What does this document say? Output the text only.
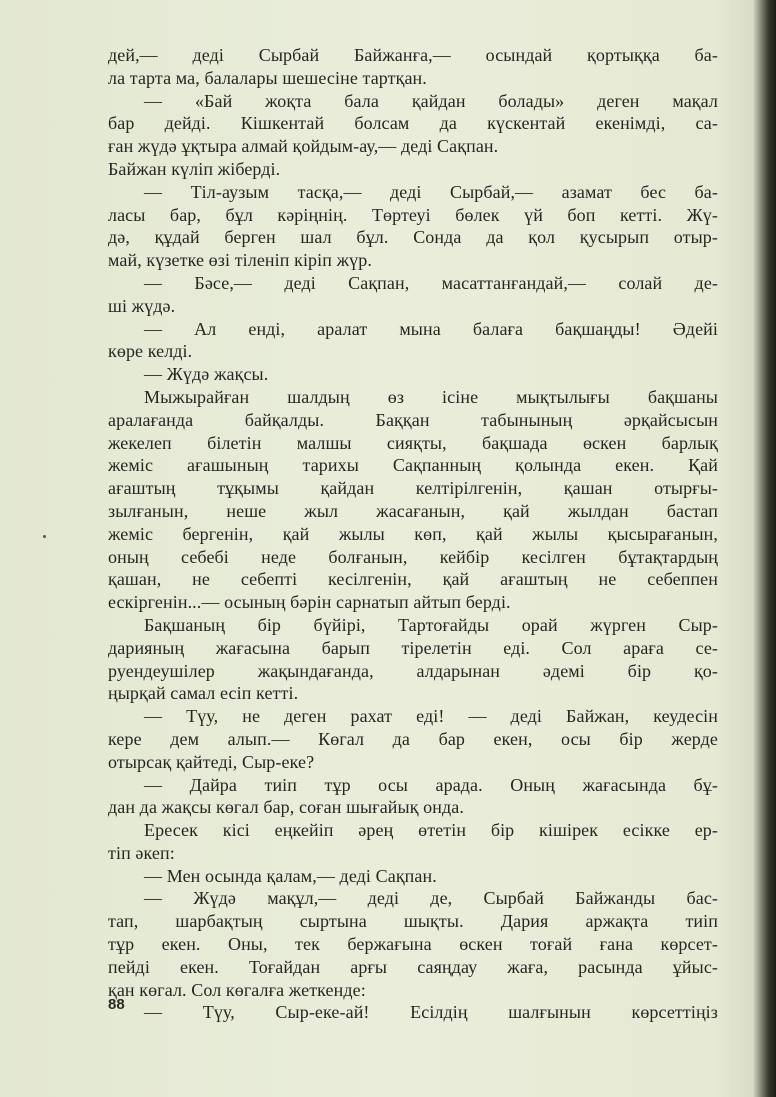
дей,— деді Сырбай Байжанға,— осындай қортыққа ба-
ла тарта ма, балалары шешесіне тартқан.
— «Бай жоқта бала қайдан болады» деген мақал
бар дейді. Кішкентай болсам да күскентай екенімді, са-
ған жүдә ұқтыра алмай қойдым-ау,— деді Сақпан.
Байжан күліп жіберді.
— Тіл-аузым тасқа,— деді Сырбай,— азамат бес ба-
ласы бар, бұл кәріңнің. Төртеуі бөлек үй боп кетті. Жү-
дә, құдай берген шал бұл. Сонда да қол қусырып отыр-
май, күзетке өзі тіленіп кіріп жүр.
— Бәсе,— деді Сақпан, масаттанғандай,— солай де-
ші жүдә.
— Ал енді, аралат мына балаға бақшаңды! Әдейі
көре келді.
— Жүдә жақсы.
Мыжырайған шалдың өз ісіне мықтылығы бақшаны
аралағанда байқалды. Баққан табынының әрқайсысын
жекелеп білетін малшы сияқты, бақшада өскен барлық
жеміс ағашының тарихы Сақпанның қолында екен. Қай
ағаштың тұқымы қайдан келтірілгенін, қашан отырғы-
зылғанын, неше жыл жасағанын, қай жылдан бастап
жеміс бергенін, қай жылы көп, қай жылы қысырағанын,
оның себебі неде болғанын, кейбір кесілген бұтақтардың
қашан, не себепті кесілгенін, қай ағаштың не себеппен
ескіргенін...— осының бәрін сарнатып айтып берді.
Бақшаның бір бүйірі, Тартоғайды орай жүрген Сыр-
дарияның жағасына барып тірелетін еді. Сол араға се-
руендеушілер жақындағанда, алдарынан әдемі бір қо-
ңырқай самал есіп кетті.
— Түу, не деген рахат еді! — деді Байжан, кеудесін
кере дем алып.— Көгал да бар екен, осы бір жерде
отырсақ қайтеді, Сыр-еке?
— Дайра тиіп тұр осы арада. Оның жағасында бұ-
дан да жақсы көгал бар, соған шығайық онда.
Ересек кісі еңкейіп әрең өтетін бір кішірек есікке ер-
тіп әкеп:
— Мен осында қалам,— деді Сақпан.
— Жүдә мақұл,— деді де, Сырбай Байжанды бас-
тап, шарбақтың сыртына шықты. Дария аржақта тиіп
тұр екен. Оны, тек бержағына өскен тоғай ғана көрсет-
пейді екен. Тоғайдан арғы саяңдау жаға, расында ұйыс-
қан көгал. Сол көгалға жеткенде:
— Түу, Сыр-еке-ай! Есілдің шалғынын көрсеттіңіз
88
